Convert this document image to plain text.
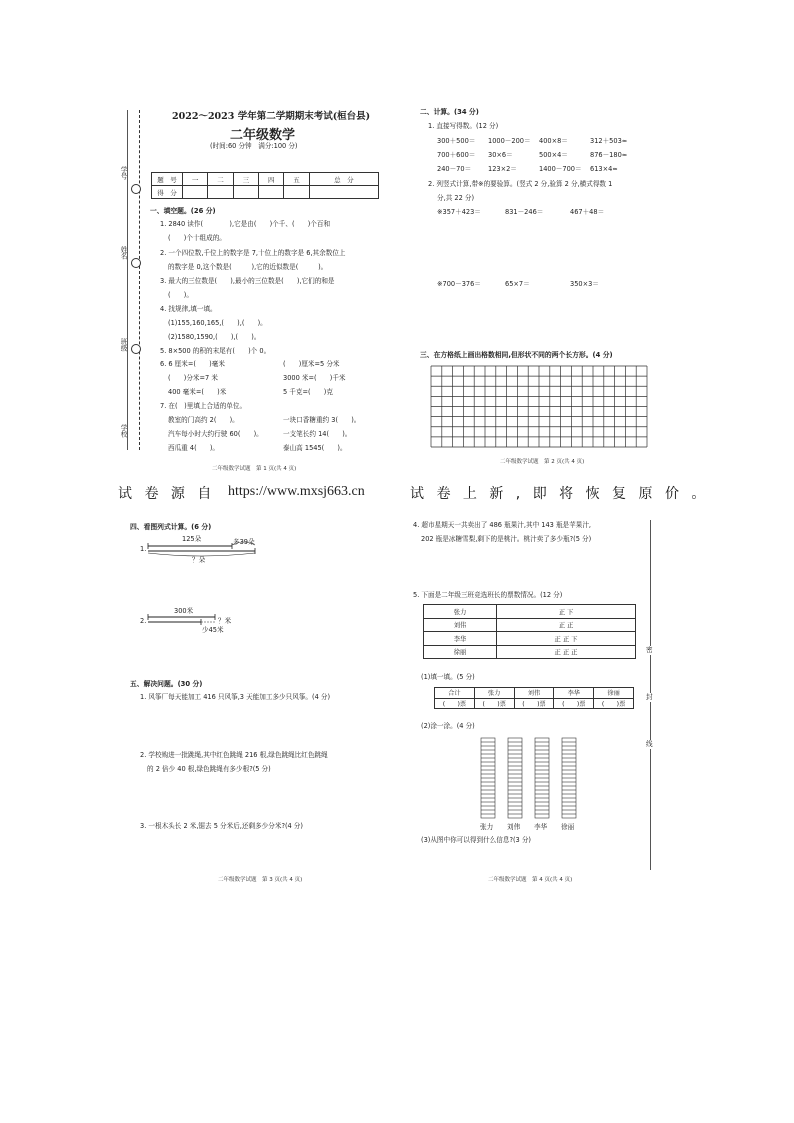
学号
姓名
班级
学校
2022～2023 学年第二学期期末考试(桓台县)
二年级数学
(时间:60 分钟　满分:100 分)
题　号	一	二	三	四	五	总　分
得　分						
一、填空题。(26 分)
1. 2840 读作(　　　　),它是由(　　)个千、(　　)个百和
(　　)个十组成的。
2. 一个四位数,千位上的数字是 7,十位上的数字是 6,其余数位上
的数字是 0,这个数是(　　　),它的近似数是(　　　)。
3. 最大的三位数是(　　),最小的三位数是(　　),它们的和是
(　　)。
4. 找规律,填一填。
(1)155,160,165,(　　),(　　)。
(2)1580,1590,(　　),(　　)。
5. 8×500 的积的末尾有(　　)个 0。
6. 6 厘米=(　　)毫米	(　　)厘米=5 分米
(　　)分米=7 米	3000 米=(　　)千米
400 毫米=(　　)米	5 千克=(　　)克
7. 在(　)里填上合适的单位。
教室的门高约 2(　　)。	一块口香糖重约 3(　　)。
汽车每小时大约行驶 60(　　)。	一支笔长约 14(　　)。
西瓜重 4(　　)。	泰山高 1545(　　)。
二年级数学试题　第 1 页(共 4 页)
二、计算。(34 分)
1. 直接写得数。(12 分)
300＋500＝ 1000－200＝ 400×8＝	312＋503≈
700＋600＝ 30×6＝	500×4＝	876－180≈
240－70＝	123×2＝	1400－700＝ 613×4≈
2. 列竖式计算,带※的要验算。(竖式 2 分,验算 2 分,横式得数 1
分,共 22 分)
※357＋423＝	831－246＝	467＋48＝
※700－376＝	65×7＝	350×3＝
三、在方格纸上画出格数相同,但形状不同的两个长方形。(4 分)
二年级数学试题　第 2 页(共 4 页)
试 卷 源 自 https://www.mxsj663.cn	试 卷 上 新 , 即 将 恢 复 原 价 。
四、看图列式计算。(6 分)
1.
125朵	多39朵
？朵
2.
300米
？米
少45米
五、解决问题。(30 分)
1. 风筝厂每天能加工 416 只风筝,3 天能加工多少只风筝。(4 分)
2. 学校购进一批跳绳,其中红色跳绳 216 根,绿色跳绳比红色跳绳
的 2 倍少 40 根,绿色跳绳有多少根?(5 分)
3. 一根木头长 2 米,锯去 5 分米后,还剩多少分米?(4 分)
二年级数学试题　第 3 页(共 4 页)
4. 超市星期天一共卖出了 486 瓶果汁,其中 143 瓶是苹果汁,
202 瓶是冰糖雪梨,剩下的是桃汁。桃汁卖了多少瓶?(5 分)
5. 下面是二年级三班竞选班长的票数情况。(12 分)
张力	正 下
刘伟	正 正
李华	正 正 下
徐丽	正 正 正
(1)填一填。(5 分)
合计	张力	刘伟	李华	徐丽
(　　)票	(　　)票	(　　)票	(　　)票	(　　)票
(2)涂一涂。(4 分)
张力 刘伟 李华 徐丽
(3)从图中你可以得到什么信息?(3 分)
二年级数学试题　第 4 页(共 4 页)
密
封
线
